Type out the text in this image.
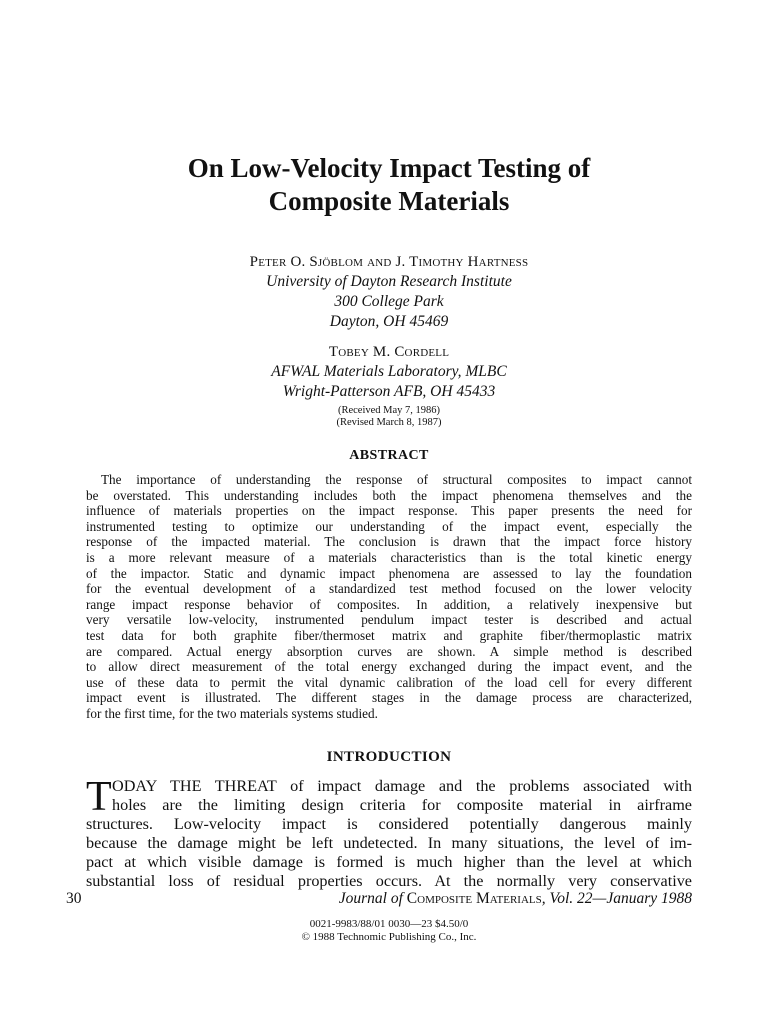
On Low-Velocity Impact Testing of
Composite Materials
Peter O. Sjöblom and J. Timothy Hartness
University of Dayton Research Institute
300 College Park
Dayton, OH 45469
Tobey M. Cordell
AFWAL Materials Laboratory, MLBC
Wright-Patterson AFB, OH 45433
(Received May 7, 1986)
(Revised March 8, 1987)
ABSTRACT
The importance of understanding the response of structural composites to impact cannot
be overstated. This understanding includes both the impact phenomena themselves and the
influence of materials properties on the impact response. This paper presents the need for
instrumented testing to optimize our understanding of the impact event, especially the
response of the impacted material. The conclusion is drawn that the impact force history
is a more relevant measure of a materials characteristics than is the total kinetic energy
of the impactor. Static and dynamic impact phenomena are assessed to lay the foundation
for the eventual development of a standardized test method focused on the lower velocity
range impact response behavior of composites. In addition, a relatively inexpensive but
very versatile low-velocity, instrumented pendulum impact tester is described and actual
test data for both graphite fiber/thermoset matrix and graphite fiber/thermoplastic matrix
are compared. Actual energy absorption curves are shown. A simple method is described
to allow direct measurement of the total energy exchanged during the impact event, and the
use of these data to permit the vital dynamic calibration of the load cell for every different
impact event is illustrated. The different stages in the damage process are characterized,
for the first time, for the two materials systems studied.
INTRODUCTION
T ODAY THE THREAT of impact damage and the problems associated with
holes are the limiting design criteria for composite material in airframe
structures. Low-velocity impact is considered potentially dangerous mainly
because the damage might be left undetected. In many situations, the level of im-
pact at which visible damage is formed is much higher than the level at which
substantial loss of residual properties occurs. At the normally very conservative
30	Journal of Composite Materials, Vol. 22—January 1988
0021-9983/88/01 0030—23 $4.50/0
© 1988 Technomic Publishing Co., Inc.
